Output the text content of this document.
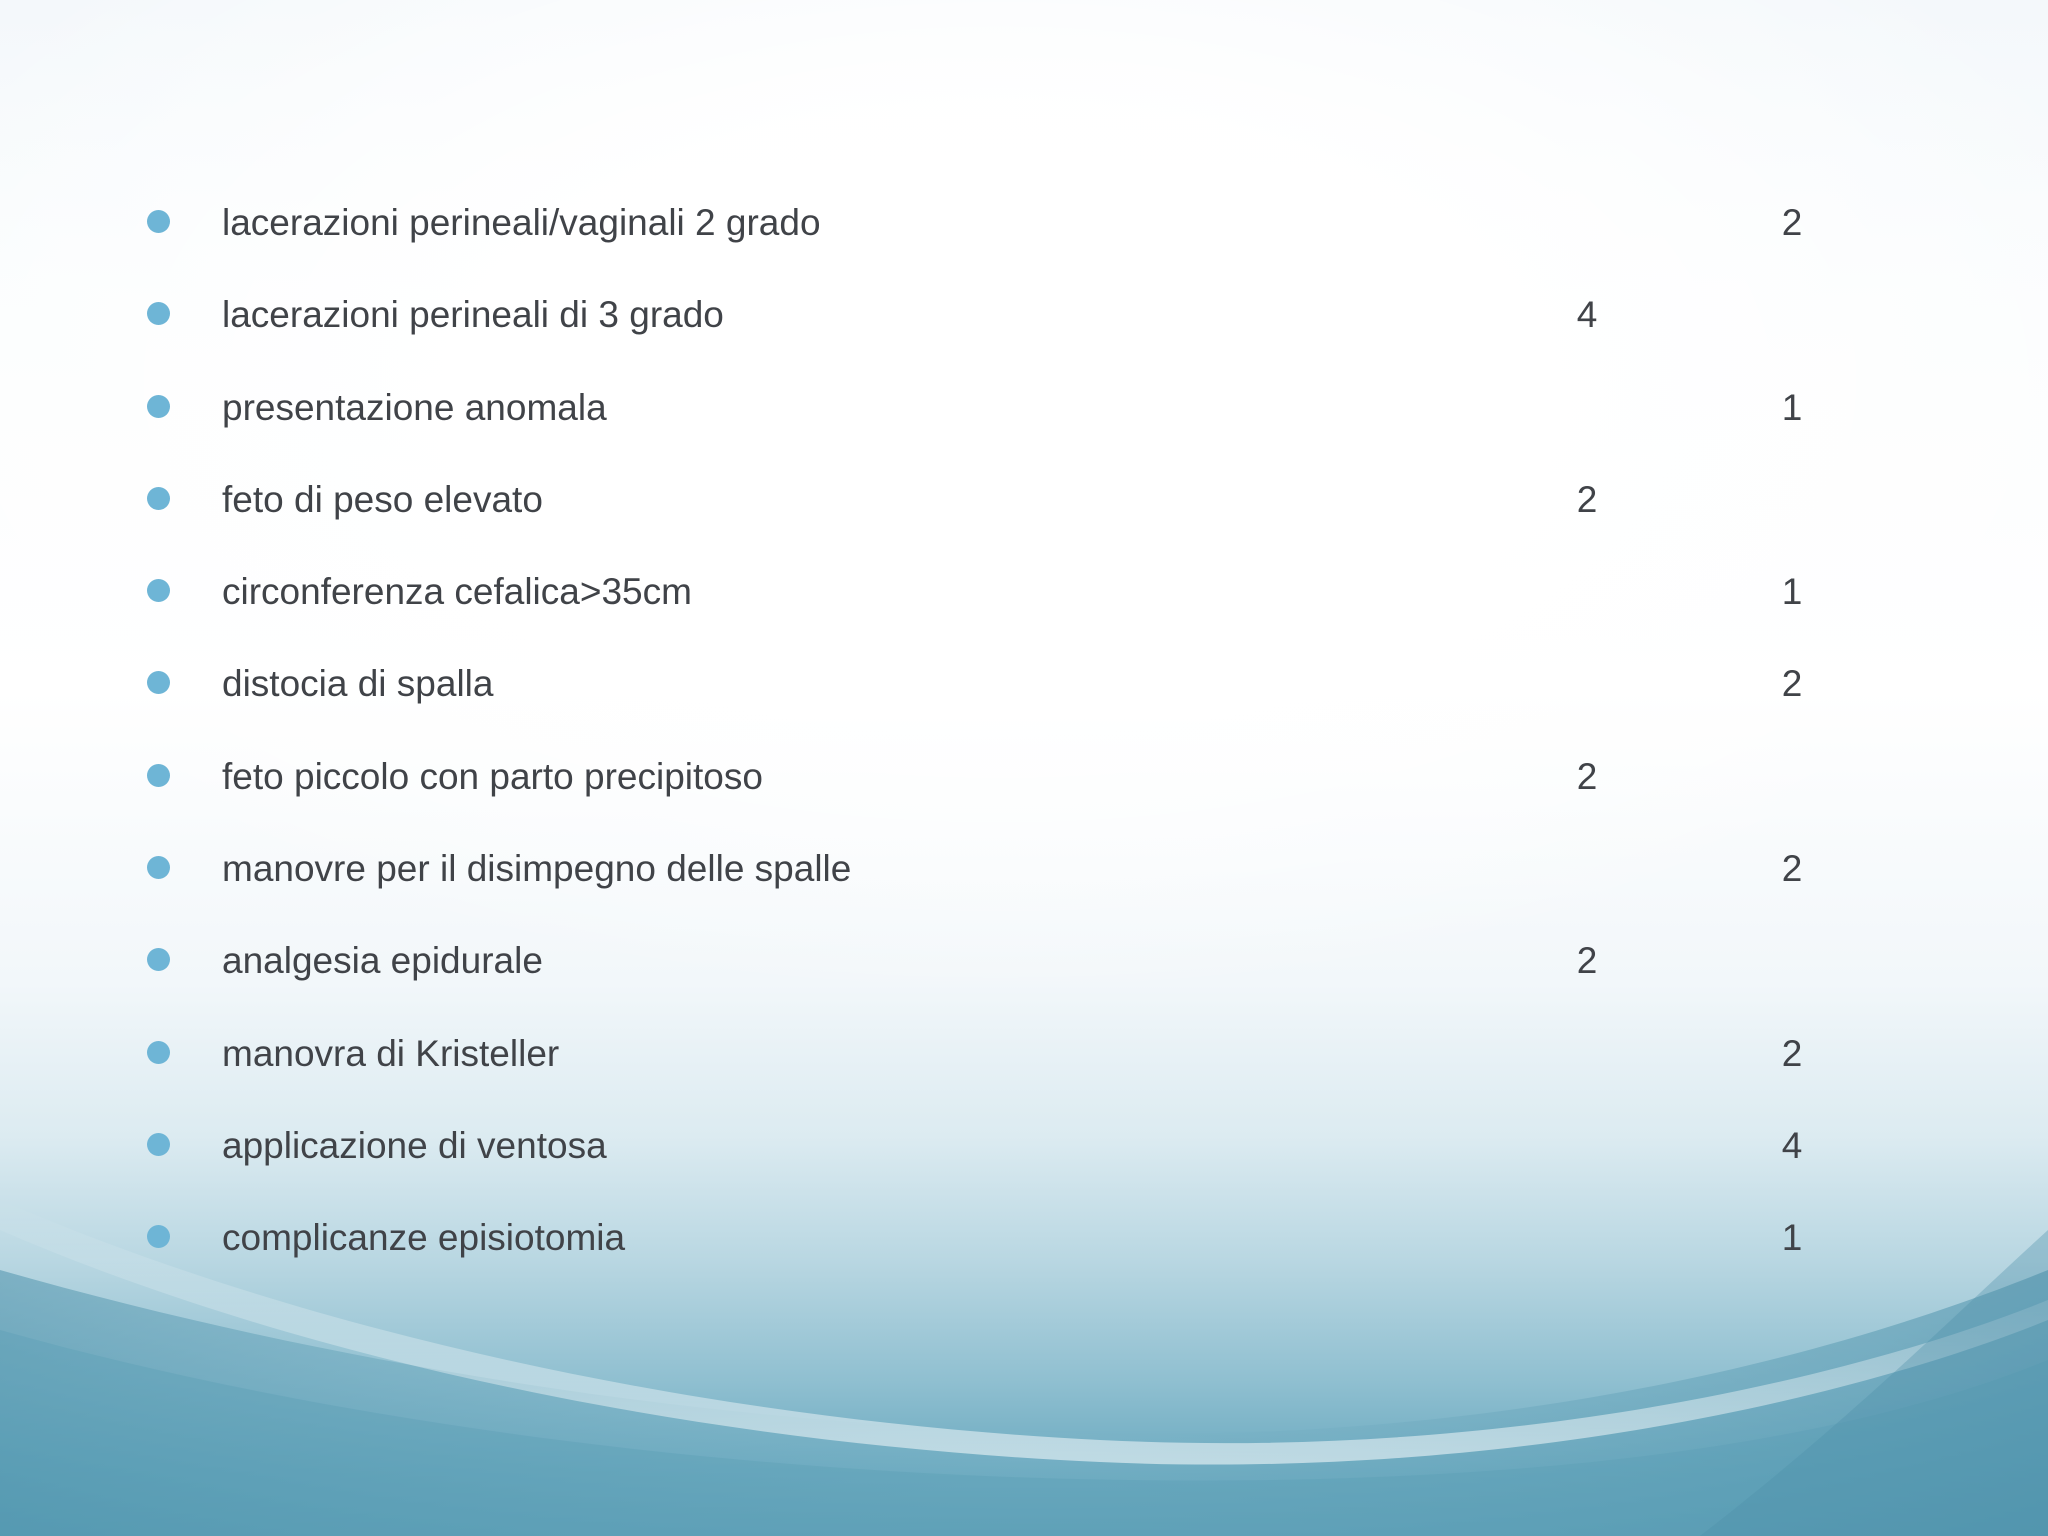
lacerazioni perineali/vaginali 2 grado	2
lacerazioni perineali di 3 grado	4
presentazione anomala	1
feto di peso elevato	2
circonferenza cefalica>35cm	1
distocia di spalla	2
feto piccolo con parto precipitoso	2
manovre per il disimpegno delle spalle	2
analgesia epidurale	2
manovra di Kristeller	2
applicazione di ventosa	4
complicanze episiotomia	1
